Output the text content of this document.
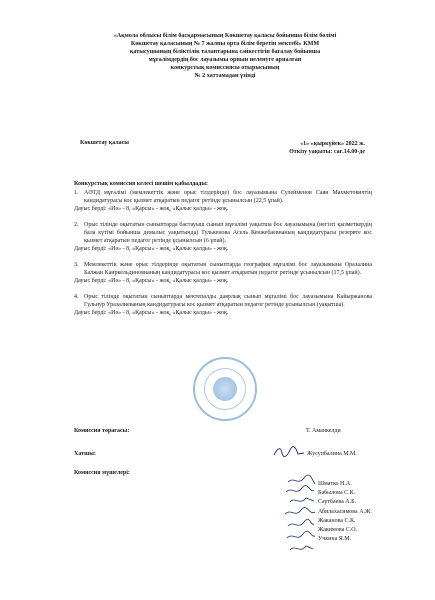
«Ақмола облысы білім басқармасының Көкшетау қаласы бойынша білім бөлімі
Көкшетау қаласының № 7 жалпы орта білім беретін мектебі» КММ
қатысушының біліктілік талаптарына сәйкестігін бағалау бойынша
мұғалімдердің бос лауазымы орнын иеленуге арналған
конкурстық комиссиясы отырысының
№ 2 хаттамадан үзінді
Көкшетау қаласы	«1» «қыркүйек» 2022 ж.
Өткізу уақыты: сағ.14.00-де
Конкурстық комиссия келесі шешім қабылдады:
1. АӘТД мұғалімі (мемлекеттік және орыс тілдерінде) бос лауазымына Сулейменов Саян Махметовичтің кандидатурасы кос қызмет атқаратын педагог ретінде ұсынылсын (22,5 ұпай).
Дауыс берді: «Иә» - 8, «Қарсы» - жоқ, «Қалыс қалды» - жоқ.
2. Орыс тілінде оқытатын сыныптарда бастауыш сынып мұғалімі уақытша бос лауазымына (негізгі қызметкердің бала күтімі бойынша демалыс уақытында) Тулькенова Асель Кенжебаевнаның кандидатурасы резервте кос қызмет атқаратын педагог ретінде ұсынылсын (6 ұпай).
Дауыс берді: «Иә» - 8, «Қарсы» - жоқ, «Қалыс қалды» - жоқ.
3. Мемлекеттік және орыс тілдерінде оқытатын сыныптарда география мұғалімі бос лауазымына Оразалина Балжан Каиркельдиновнаның кандидатурасы кос қызмет атқаратын педагог ретінде ұсынылсын (17,5 ұпай).
Дауыс берді: «Иә» - 8, «Қарсы» - жоқ, «Қалыс қалды» - жоқ.
4. Орыс тілінде оқытатын сыныптарда мектепалды даярлық сынып мұғалімі бос лауазымына Кайыржанова Гульнур Уразалиеваның кандидатурасы кос қызмет атқаратын педагог ретінде ұсынылсын (уақытша).
Дауыс берді: «Иә» - 8, «Қарсы» - жоқ, «Қалыс қалды» - жоқ.
Комиссия төрағасы:	Т. Аманкелди
Хатшы:	Жусупбалина М.М.
Комиссия мүшелері:
Шматко Н.А.
Бабылова С.К.
Саутбаева А.Б.
Абильхасимова А.Ж.
Жаканова С.К.
Жакимова С.О.
Учкина Я.М.
